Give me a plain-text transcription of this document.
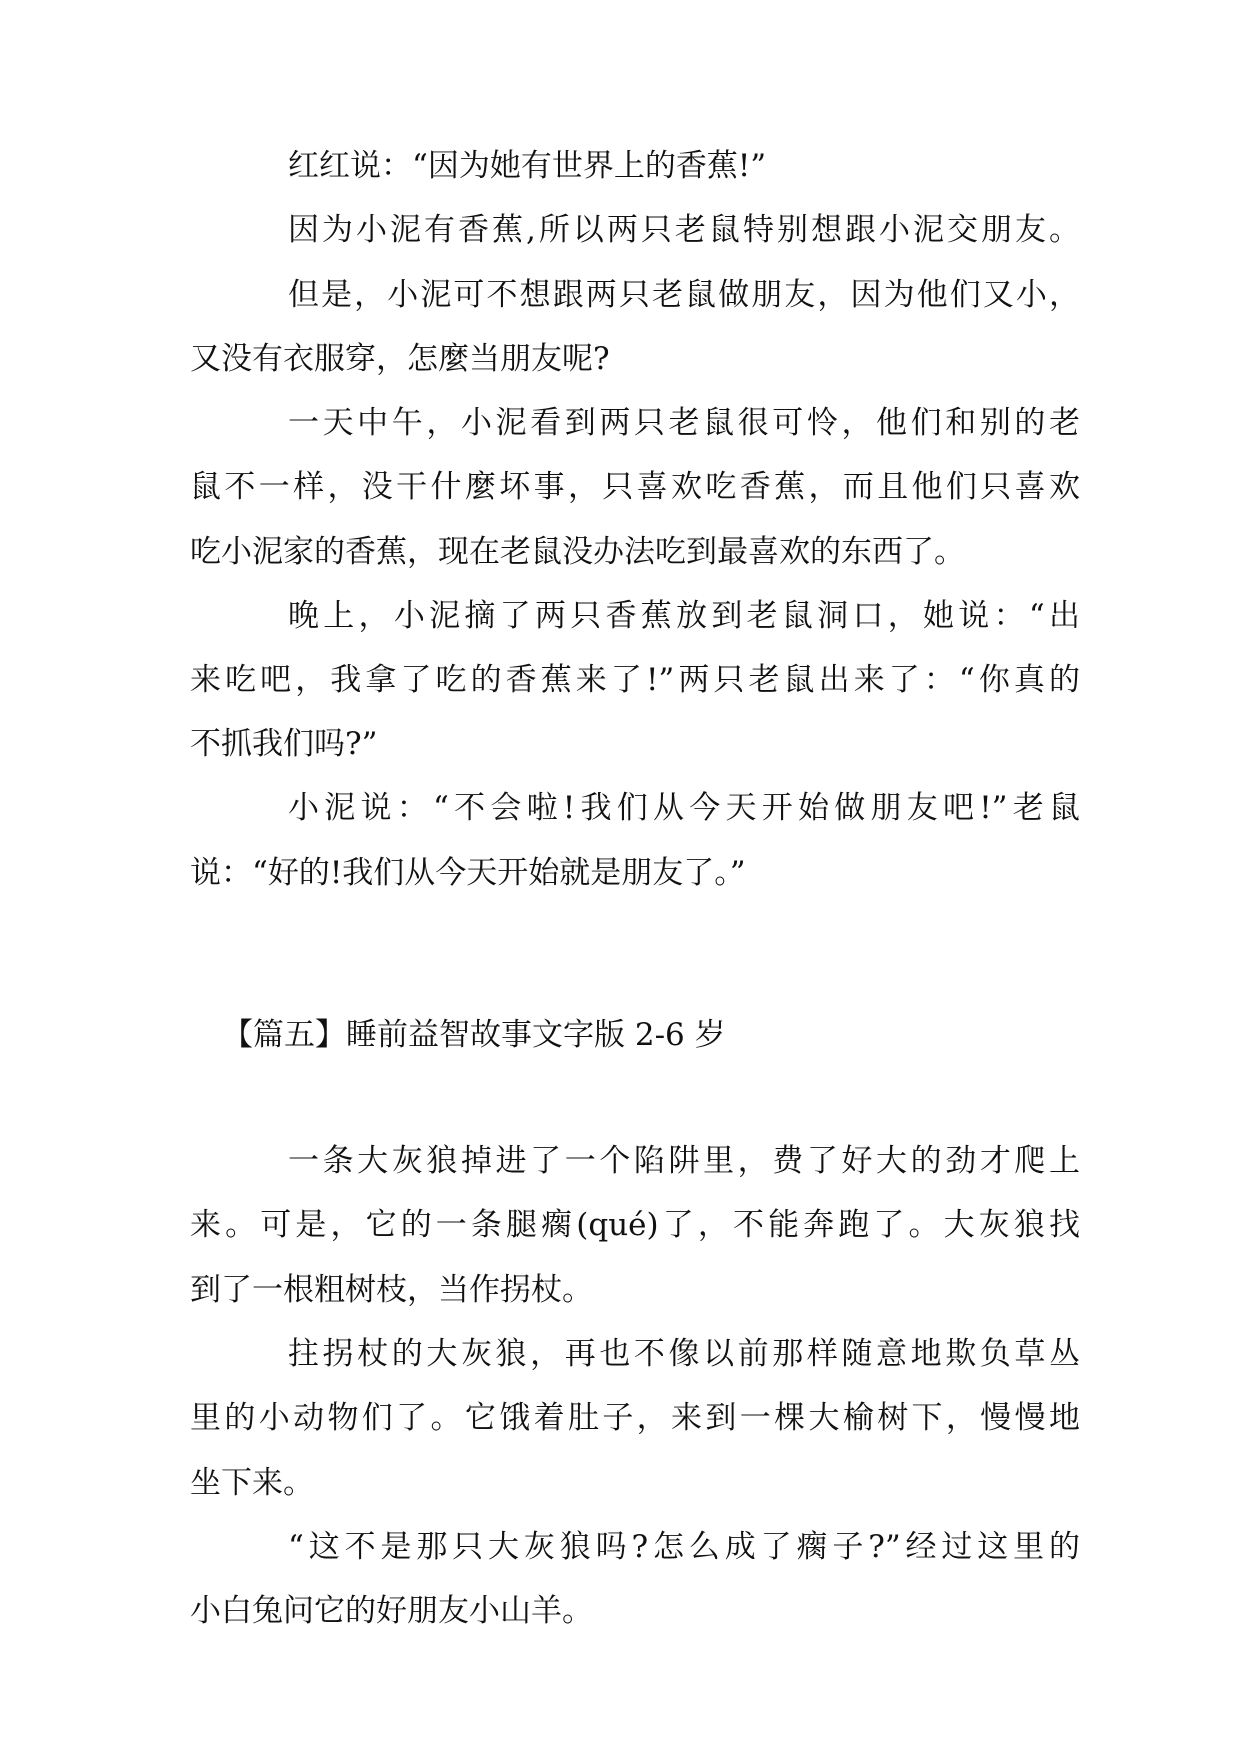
红红说：“因为她有世界上的香蕉!”
因为小泥有香蕉,所以两只老鼠特别想跟小泥交朋友。
但是，小泥可不想跟两只老鼠做朋友，因为他们又小，
又没有衣服穿，怎麼当朋友呢?
一天中午，小泥看到两只老鼠很可怜，他们和别的老
鼠不一样，没干什麼坏事，只喜欢吃香蕉，而且他们只喜欢
吃小泥家的香蕉，现在老鼠没办法吃到最喜欢的东西了。
晚上，小泥摘了两只香蕉放到老鼠洞口，她说：“出
来吃吧，我拿了吃的香蕉来了!”两只老鼠出来了：“你真的
不抓我们吗?”
小泥说：“不会啦!我们从今天开始做朋友吧!”老鼠
说：“好的!我们从今天开始就是朋友了。”
【篇五】睡前益智故事文字版 2-6 岁
一条大灰狼掉进了一个陷阱里，费了好大的劲才爬上
来。可是，它的一条腿瘸(qué)了，不能奔跑了。大灰狼找
到了一根粗树枝，当作拐杖。
拄拐杖的大灰狼，再也不像以前那样随意地欺负草丛
里的小动物们了。它饿着肚子，来到一棵大榆树下，慢慢地
坐下来。
“这不是那只大灰狼吗?怎么成了瘸子?”经过这里的
小白兔问它的好朋友小山羊。
